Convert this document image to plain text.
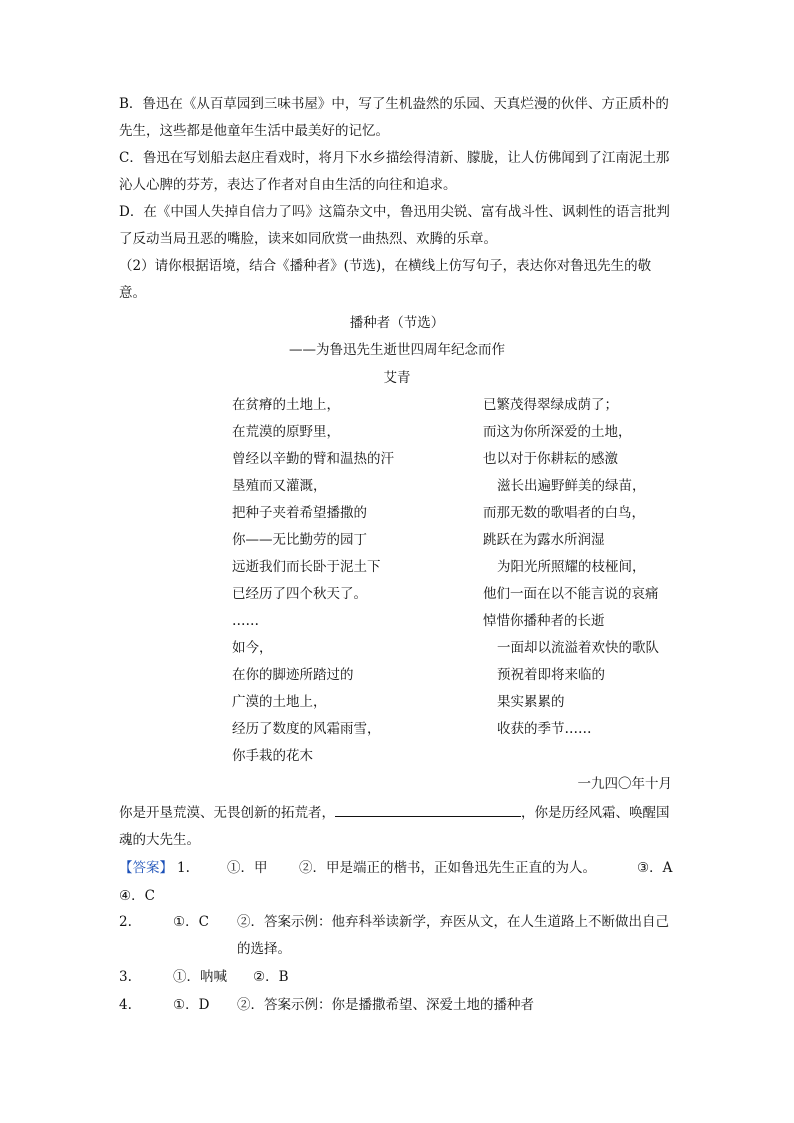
B．鲁迅在《从百草园到三味书屋》中，写了生机盎然的乐园、天真烂漫的伙伴、方正质朴的先生，这些都是他童年生活中最美好的记忆。

C．鲁迅在写划船去赵庄看戏时，将月下水乡描绘得清新、朦胧，让人仿佛闻到了江南泥土那沁人心脾的芬芳，表达了作者对自由生活的向往和追求。

D．在《中国人失掉自信力了吗》这篇杂文中，鲁迅用尖锐、富有战斗性、讽刺性的语言批判了反动当局丑恶的嘴脸，读来如同欣赏一曲热烈、欢腾的乐章。

（2）请你根据语境，结合《播种者》(节选)，在横线上仿写句子，表达你对鲁迅先生的敬意。

播种者（节选）
——为鲁迅先生逝世四周年纪念而作
艾青
在贫瘠的土地上，
在荒漠的原野里，
曾经以辛勤的臂和温热的汗
垦殖而又灌溉，
把种子夹着希望播撒的
你——无比勤劳的园丁
远逝我们而长卧于泥土下
已经历了四个秋天了。
……
如今，
在你的脚迹所踏过的
广漠的土地上，
经历了数度的风霜雨雪，
你手栽的花木
已繁茂得翠绿成荫了；
而这为你所深爱的土地，
也以对于你耕耘的感激
滋长出遍野鲜美的绿苗，
而那无数的歌唱者的白鸟，
跳跃在为露水所润湿
为阳光所照耀的枝桠间，
他们一面在以不能言说的哀痛
悼惜你播种者的长逝
一面却以流溢着欢快的歌队
预祝着即将来临的
果实累累的
收获的季节……
一九四〇年十月

你是开垦荒漠、无畏创新的拓荒者，	，你是历经风霜、唤醒国魂的大先生。

【答案】 1.	①．甲 ②．甲是端正的楷书，正如鲁迅先生正直的为人。	③．A
④．C
2.	①．C ②．答案示例：他弃科举读新学，弃医从文，在人生道路上不断做出自己的选择。
3.	①．呐喊 ②．B
4.	①．D ②．答案示例：你是播撒希望、深爱土地的播种者
